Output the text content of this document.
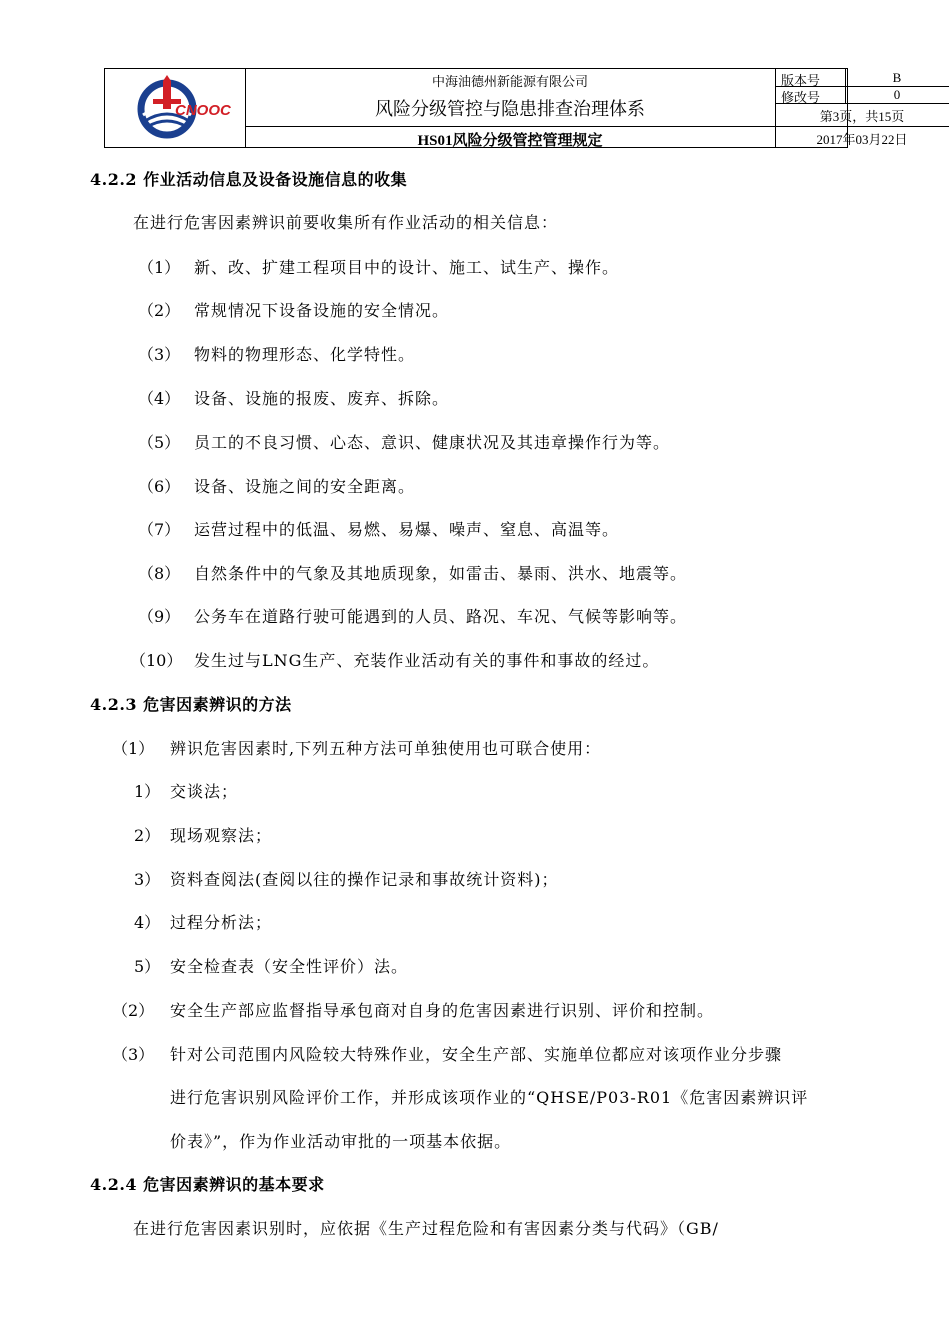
CNOOC
中海油德州新能源有限公司
风险分级管控与隐患排查治理体系
HS01风险分级管控管理规定
版本号	B
修改号	0
第3页，共15页
2017年03月22日
4.2.2 作业活动信息及设备设施信息的收集
在进行危害因素辨识前要收集所有作业活动的相关信息：
（1） 新、改、扩建工程项目中的设计、施工、试生产、操作。
（2） 常规情况下设备设施的安全情况。
（3） 物料的物理形态、化学特性。
（4） 设备、设施的报废、废弃、拆除。
（5） 员工的不良习惯、心态、意识、健康状况及其违章操作行为等。
（6） 设备、设施之间的安全距离。
（7） 运营过程中的低温、易燃、易爆、噪声、窒息、高温等。
（8） 自然条件中的气象及其地质现象，如雷击、暴雨、洪水、地震等。
（9） 公务车在道路行驶可能遇到的人员、路况、车况、气候等影响等。
（10） 发生过与LNG生产、充装作业活动有关的事件和事故的经过。
4.2.3 危害因素辨识的方法
（1） 辨识危害因素时,下列五种方法可单独使用也可联合使用：
1） 交谈法；
2） 现场观察法；
3） 资料查阅法(查阅以往的操作记录和事故统计资料)；
4） 过程分析法；
5） 安全检查表（安全性评价）法。
（2） 安全生产部应监督指导承包商对自身的危害因素进行识别、评价和控制。
（3） 针对公司范围内风险较大特殊作业，安全生产部、实施单位都应对该项作业分步骤
进行危害识别风险评价工作，并形成该项作业的“QHSE/P03-R01《危害因素辨识评
价表》”，作为作业活动审批的一项基本依据。
4.2.4 危害因素辨识的基本要求
在进行危害因素识别时，应依据《生产过程危险和有害因素分类与代码》（GB/
